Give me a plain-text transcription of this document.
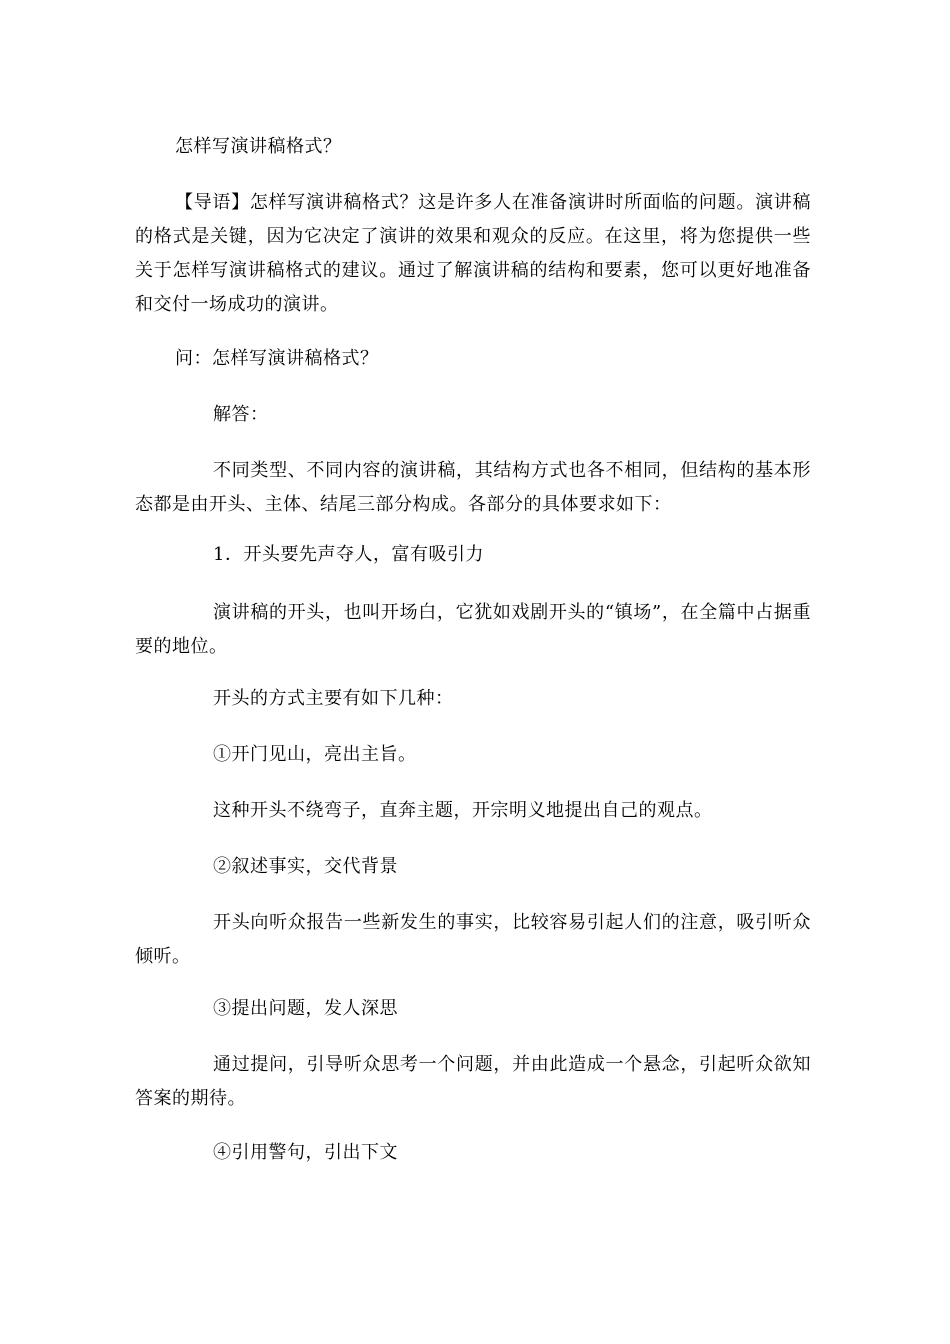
怎样写演讲稿格式？

【导语】怎样写演讲稿格式？这是许多人在准备演讲时所面临的问题。演讲稿的格式是关键，因为它决定了演讲的效果和观众的反应。在这里，将为您提供一些关于怎样写演讲稿格式的建议。通过了解演讲稿的结构和要素，您可以更好地准备和交付一场成功的演讲。

问：怎样写演讲稿格式？

解答：

不同类型、不同内容的演讲稿，其结构方式也各不相同，但结构的基本形态都是由开头、主体、结尾三部分构成。各部分的具体要求如下：

1．开头要先声夺人，富有吸引力

演讲稿的开头，也叫开场白，它犹如戏剧开头的“镇场”，在全篇中占据重要的地位。

开头的方式主要有如下几种：

①开门见山，亮出主旨。

这种开头不绕弯子，直奔主题，开宗明义地提出自己的观点。

②叙述事实，交代背景

开头向听众报告一些新发生的事实，比较容易引起人们的注意，吸引听众倾听。

③提出问题，发人深思

通过提问，引导听众思考一个问题，并由此造成一个悬念，引起听众欲知答案的期待。

④引用警句，引出下文
